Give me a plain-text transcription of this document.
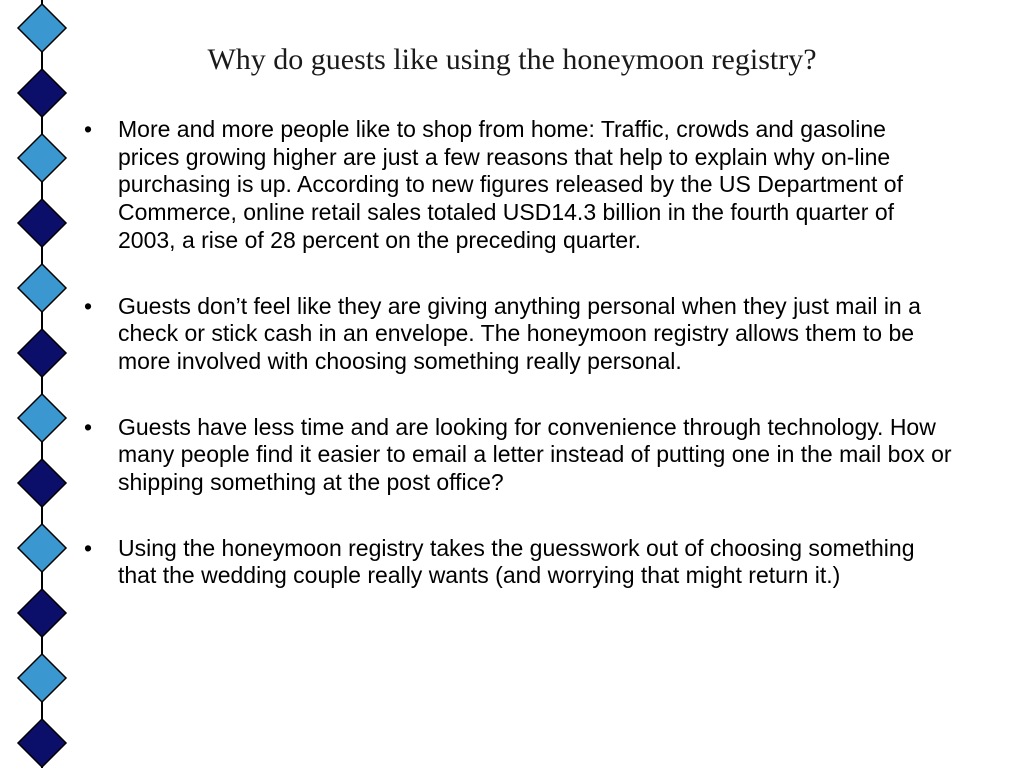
Why do guests like using the honeymoon registry?
• More and more people like to shop from home: Traffic, crowds and gasoline prices growing higher are just a few reasons that help to explain why on-line purchasing is up. According to new figures released by the US Department of Commerce, online retail sales totaled USD14.3 billion in the fourth quarter of 2003, a rise of 28 percent on the preceding quarter.
• Guests don’t feel like they are giving anything personal when they just mail in a check or stick cash in an envelope. The honeymoon registry allows them to be more involved with choosing something really personal.
• Guests have less time and are looking for convenience through technology. How many people find it easier to email a letter instead of putting one in the mail box or shipping something at the post office?
• Using the honeymoon registry takes the guesswork out of choosing something that the wedding couple really wants (and worrying that might return it.)
